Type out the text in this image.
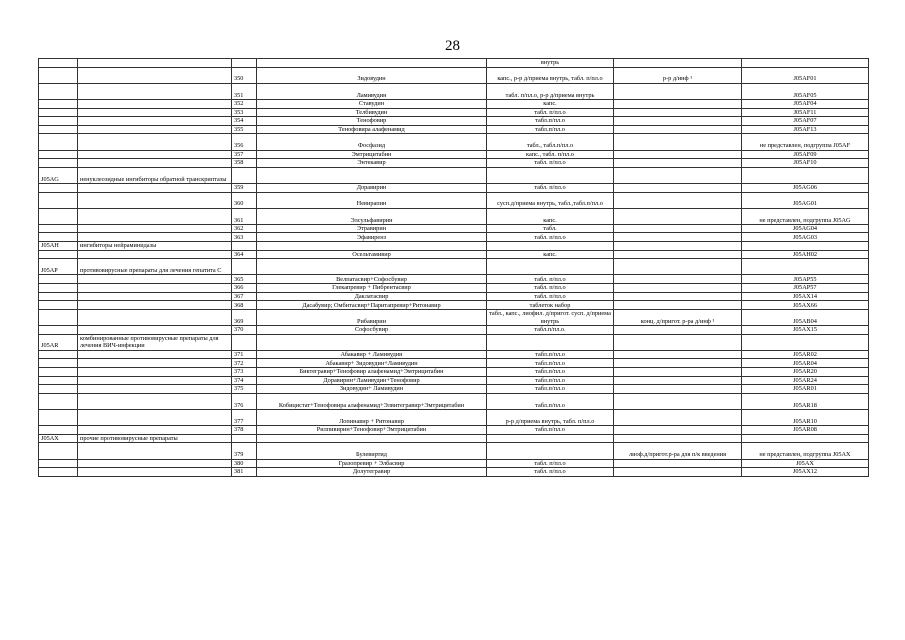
28
				внутрь		
		350	Зидовудин	капс., р-р д/приема внутрь, табл. п/пл.о	р-р д/инф ¹	J05AF01
		351	Ламивудин	табл. п/пл.о, р-р д/приема внутрь		J05AF05
		352	Ставудин	капс.		J05AF04
		353	Телбивудин	табл. п/пл.о		J05AF11
		354	Тенофовир	табл.п/пл.о		J05AF07
		355	Тенофовира алафенамид	табл.п/пл.о		J05AF13
		356	Фосфазид	табл., табл.п/пл.о		не представлен, подгруппа J05AF
		357	Эмтрицитабин	капс., табл. п/пл.о		J05AF09
		358	Энтекавир	табл. п/пл.о		J05AF10
J05AG	ненуклеозидные ингибиторы обратной транскриптазы					
		359	Доравирин	табл. п/пл.о		J05AG06
		360	Невирапин	сусп.д/приема внутрь, табл.,табл.п/пл.о		J05AG01
		361	Элсульфавирин	капс.		не представлен, подгруппа J05AG
		362	Этравирин	табл.		J05AG04
		363	Эфавиренз	табл. п/пл.о		J05AG03
J05AH	ингибиторы нейраминидазы					
		364	Осельтамивир	капс.		J05AH02
J05AP	противовирусные препараты для лечения гепатита С					
		365	Велпатасвир+Софосбувир	табл. п/пл.о		J05AP55
		366	Глекапревир + Пибрентасвир	табл. п/пл.о		J05AP57
		367	Даклатасвир	табл. п/пл.о		J05AX14
		368	Дасабувир; Омбитасвир+Паритапревир+Ритонавир	таблеток набор		J05AX66
		369	Рибавирин	табл., капс., лиофил. д/пригот. сусп. д/приема внутрь	конц. д/пригот. р-ра д/инф ¹	J05AB04
		370	Софосбувир	табл.п/пл.о.		J05AX15
J05AR	комбинированные противовирусные препараты для лечения ВИЧ-инфекции					
		371	Абакавир + Ламивудин	табл.п/пл.о		J05AR02
		372	Абакавир+ Зидовудин+Ламивудин	табл.п/пл.о		J05AR04
		373	Биктегравир+Тенофовир алафенамид+Эмтрицитабин	табл.п/пл.о		J05AR20
		374	Доравирин+Ламивудин+Тенофовир	табл.п/пл.о		J05AR24
		375	Зидовудин+ Ламивудин	табл.п/пл.о		J05AR01
		376	Кобицистат+Тенофовира алафенамид+Элвитегравир+Эмтрицитабин	табл.п/пл.о		J05AR18
		377	Лопинавир + Ритонавир	р-р д/приема внутрь, табл. п/пл.о		J05AR10
		378	Рилпивирин+Тенофовир+Эмтрицитабин	табл.п/пл.о		J05AR08
J05AX	прочие противовирусные препараты					
		379	Булевиртид		лиоф.д/пригот.р-ра для п/к введения	не представлен, подгруппа J05AX
		380	Гразопревир + Элбасвир	табл. п/пл.о		J05AX
		381	Долутегравир	табл. п/пл.о		J05AX12
